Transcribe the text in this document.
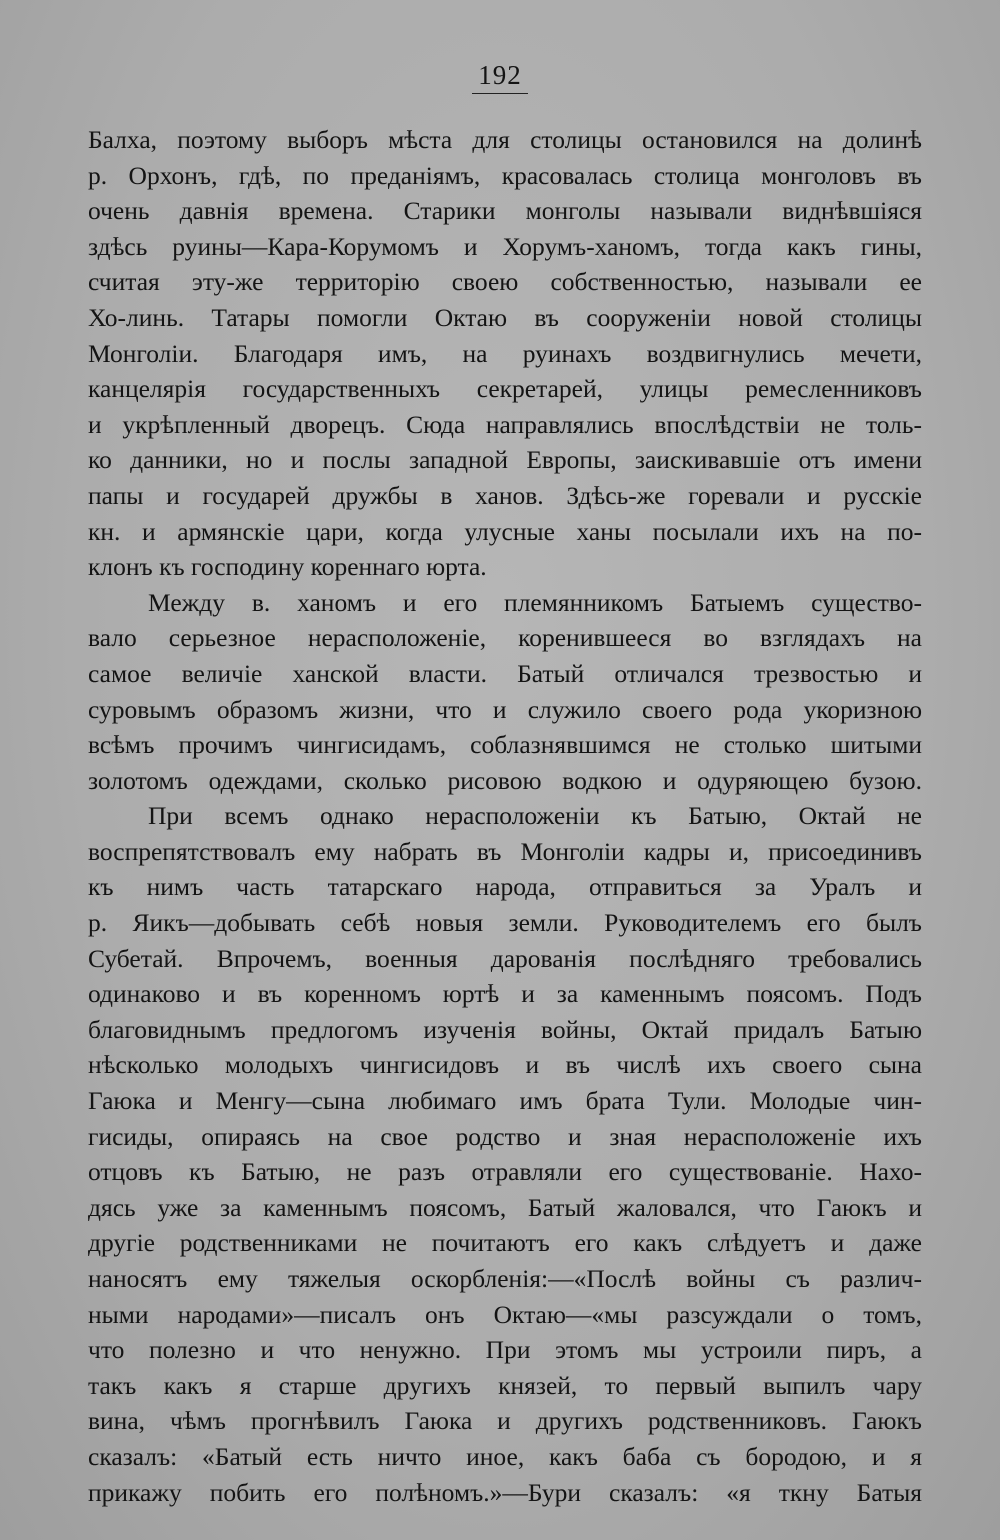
192
Балха, поэтому выборъ мѣста для столицы остановился на долинѣ
р. Орхонъ, гдѣ, по преданіямъ, красовалась столица монголовъ въ
очень давнія времена. Старики монголы называли виднѣвшіяся
здѣсь руины—Кара-Корумомъ и Хорумъ-ханомъ, тогда какъ гины,
считая эту-же территорію своею собственностью, называли ее
Хо-линь. Татары помогли Октаю въ сооруженіи новой столицы
Монголіи. Благодаря имъ, на руинахъ воздвигнулись мечети,
канцелярія государственныхъ секретарей, улицы ремесленниковъ
и укрѣпленный дворецъ. Сюда направлялись впослѣдствіи не толь-
ко данники, но и послы западной Европы, заискивавшіе отъ имени
папы и государей дружбы в ханов. Здѣсь-же горевали и русскіе
кн. и армянскіе цари, когда улусные ханы посылали ихъ на по-
клонъ къ господину кореннаго юрта.
Между в. ханомъ и его племянникомъ Батыемъ существо-
вало серьезное нерасположеніе, коренившееся во взглядахъ на
самое величіе ханской власти. Батый отличался трезвостью и
суровымъ образомъ жизни, что и служило своего рода укоризною
всѣмъ прочимъ чингисидамъ, соблазнявшимся не столько шитыми
золотомъ одеждами, сколько рисовою водкою и одуряющею бузою.
При всемъ однако нерасположеніи къ Батыю, Октай не
воспрепятствовалъ ему набрать въ Монголіи кадры и, присоединивъ
къ нимъ часть татарскаго народа, отправиться за Уралъ и
р. Яикъ—добывать себѣ новыя земли. Руководителемъ его былъ
Субетай. Впрочемъ, военныя дарованія послѣдняго требовались
одинаково и въ коренномъ юртѣ и за каменнымъ поясомъ. Подъ
благовиднымъ предлогомъ изученія войны, Октай придалъ Батыю
нѣсколько молодыхъ чингисидовъ и въ числѣ ихъ своего сына
Гаюка и Менгу—сына любимаго имъ брата Тули. Молодые чин-
гисиды, опираясь на свое родство и зная нерасположеніе ихъ
отцовъ къ Батыю, не разъ отравляли его существованіе. Нахо-
дясь уже за каменнымъ поясомъ, Батый жаловался, что Гаюкъ и
другіе родственниками не почитаютъ его какъ слѣдуетъ и даже
наносятъ ему тяжелыя оскорбленія:—«Послѣ войны съ различ-
ными народами»—писалъ онъ Октаю—«мы разсуждали о томъ,
что полезно и что ненужно. При этомъ мы устроили пиръ, а
такъ какъ я старше другихъ князей, то первый выпилъ чару
вина, чѣмъ прогнѣвилъ Гаюка и другихъ родственниковъ. Гаюкъ
сказалъ: «Батый есть ничто иное, какъ баба съ бородою, и я
прикажу побить его полѣномъ.»—Бури сказалъ: «я ткну Батыя
